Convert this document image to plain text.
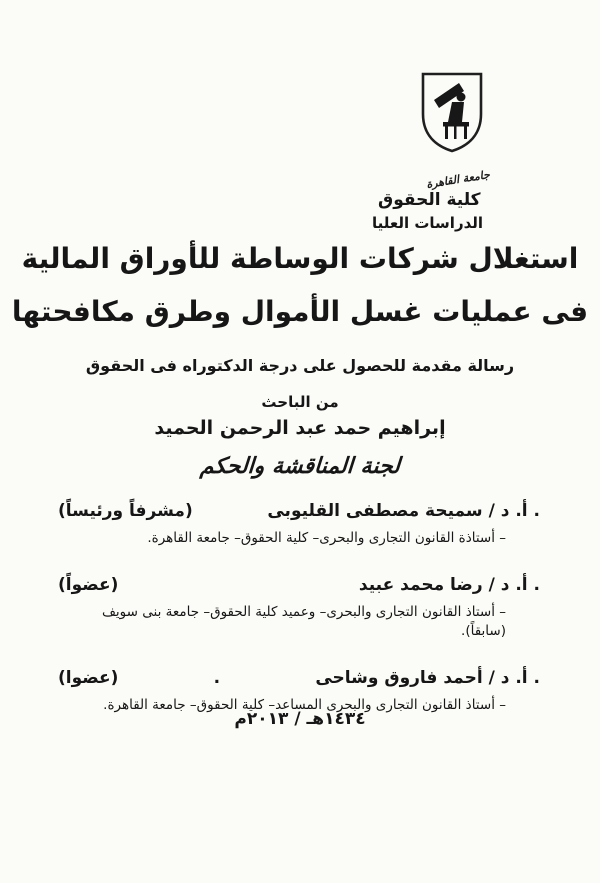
جامعة القاهرة
كلية الحقوق
الدراسات العليا
استغلال شركات الوساطة للأوراق المالية
فى عمليات غسل الأموال وطرق مكافحتها

رسالة مقدمة للحصول على درجة الدكتوراه فى الحقوق

من الباحث

إبراهيم حمد عبد الرحمن الحميد

لجنة المناقشة والحكم
. أ. د / سميحة مصطفى القليوبى
(مشرفاً ورئيساً)
– أستاذة القانون التجارى والبحرى– كلية الحقوق– جامعة القاهرة.
. أ. د / رضا محمد عبيد
(عضواً)
– أستاذ القانون التجارى والبحرى– وعميد كلية الحقوق– جامعة بنى سويف (سابقاً).
. أ. د / أحمد فاروق وشاحى
.
(عضوا)
– أستاذ القانون التجارى والبحرى المساعد– كلية الحقوق– جامعة القاهرة.
١٤٣٤هـ / ٢٠١٣م
